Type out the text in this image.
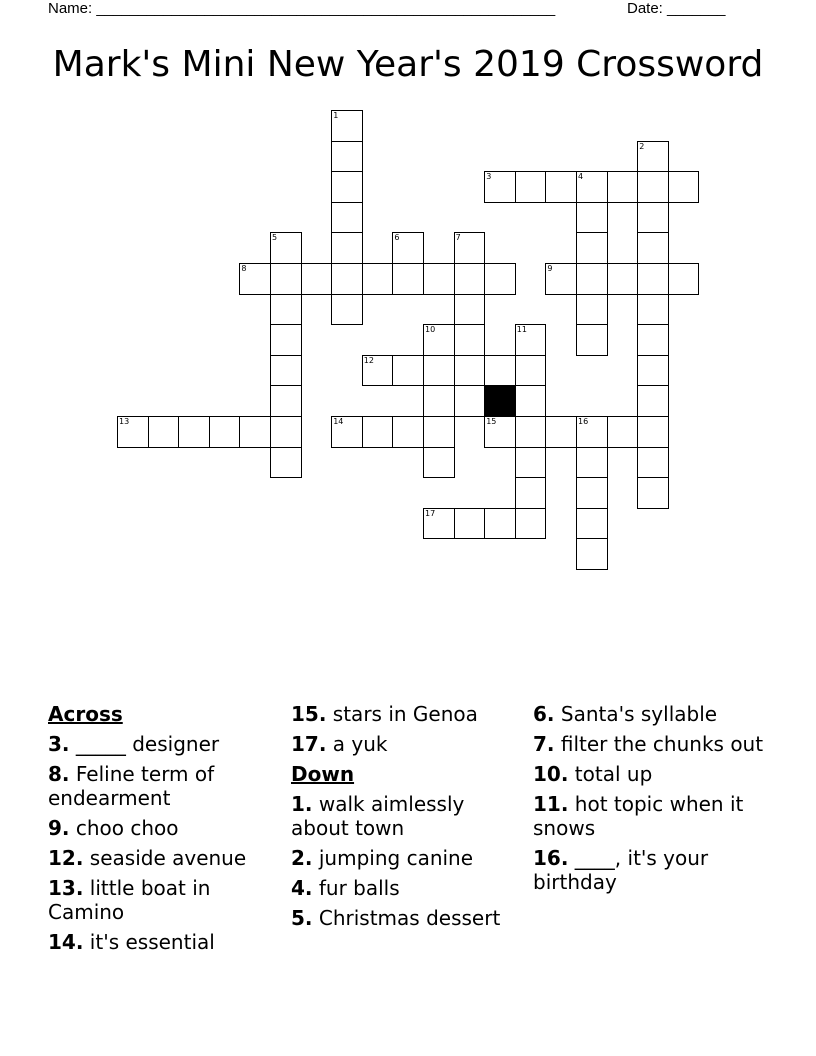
Name: _______________________________________________________	Date: _______
Mark's Mini New Year's 2019 Crossword
3	4
8	9
12
13	14	15	16
17
1
2
5	6	7
10	11
Across
3. _____ designer
8. Feline term of endearment
9. choo choo
12. seaside avenue
13. little boat in Camino
14. it's essential
15. stars in Genoa
17. a yuk
Down
1. walk aimlessly about town
2. jumping canine
4. fur balls
5. Christmas dessert
6. Santa's syllable
7. filter the chunks out
10. total up
11. hot topic when it snows
16. ____, it's your birthday
